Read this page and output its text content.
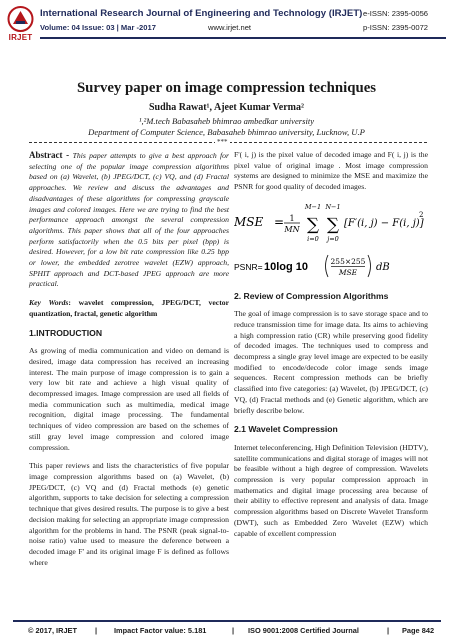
IRJET
International Research Journal of Engineering and Technology (IRJET) e-ISSN: 2395-0056
Volume: 04 Issue: 03 | Mar -2017	www.irjet.net	p-ISSN: 2395-0072
Survey paper on image compression techniques
Sudha Rawat¹, Ajeet Kumar Verma²
¹,²M.tech Babasaheb bhimrao ambedkar university
Department of Computer Science, Babasaheb bhimrao university, Lucknow, U.P
***
Abstract - This paper attempts to give a best approach for selecting one of the popular image compression algorithms based on (a) Wavelet, (b) JPEG/DCT, (c) VQ, and (d) Fractal approaches. We review and discuss the advantages and disadvantages of these algorithms for compressing grayscale images and colored images. Here we are trying to find the best performance approach amongst the several compression algorithms. This paper shows that all of the four approaches perform satisfactorily when the 0.5 bits per pixel (bpp) is desired. However, for a low bit rate compression like 0.25 bpp or lower, the embedded zerotree wavelet (EZW) approach, SPHIT approach and DCT-based JPEG approach are more practical.
Key Words: wavelet compression, JPEG/DCT, vector quantization, fractal, genetic algorithm
1.INTRODUCTION
As growing of media communication and video on demand is desired, image data compression has received an increasing interest. The main purpose of image compression is to gain a very low bit rate and achieve a high visual quality of decompressed images. Image compression are used all fields of media communication such as multimedia, medical image recognition, digital image processing. The fundamental techniques of video compression are based on the schemes of still gray level image compression and colored image compression.
This paper reviews and lists the characteristics of five popular image compression algorithms based on (a) Wavelet, (b) JPEG/DCT, (c) VQ and (d) Fractal methods (e) genetic algorithm, supports to take decision for selecting a compression technique that gives desired results. The purpose is to give a best decision making for selecting an appropriate image compression algorithm for the problems in hand. The PSNR (peak signal-to-noise ratio) value used to measure the deference between a decoded image F' and its original image F is defined as follows where
F'( i, j) is the pixel value of decoded image and F( i, j) is the pixel value of original image . Most image compression systems are designed to minimize the MSE and maximize the PSNR for good quality of decoded images.
MSE = 1
MN
M−1
∑
i=0
N−1
∑
j=0
[F′(i, j) − F(i, j)]
2
PSNR= 10log 10	255×255
MSE dB
2. Review of Compression Algorithms
The goal of image compression is to save storage space and to reduce transmission time for image data. Its aims to achieving a high compression ratio (CR) while preserving good fidelity of decoded images. The techniques used to compress and decompress a single gray level image are expected to be easily modified to encode/decode color image sends image sequences. Recent compression methods can be briefly classified into five categories: (a) Wavelet, (b) JPEG/DCT, (c) VQ, (d) Fractal methods and (e) Genetic algorithm, which are briefly describe below.
2.1 Wavelet Compression
Internet teleconferencing, High Definition Television (HDTV), satellite communications and digital storage of images will not be feasible without a high degree of compression. Wavelets compression is very popular compression approach in mathematics and digital image processing area because of their ability to effective represent and analysis of data. Image compression algorithms based on Discrete Wavelet Transform (DWT), such as Embedded Zero Wavelet (EZW) which capable of excellent compression
© 2017, IRJET | Impact Factor value: 5.181	| ISO 9001:2008 Certified Journal	| Page 842
